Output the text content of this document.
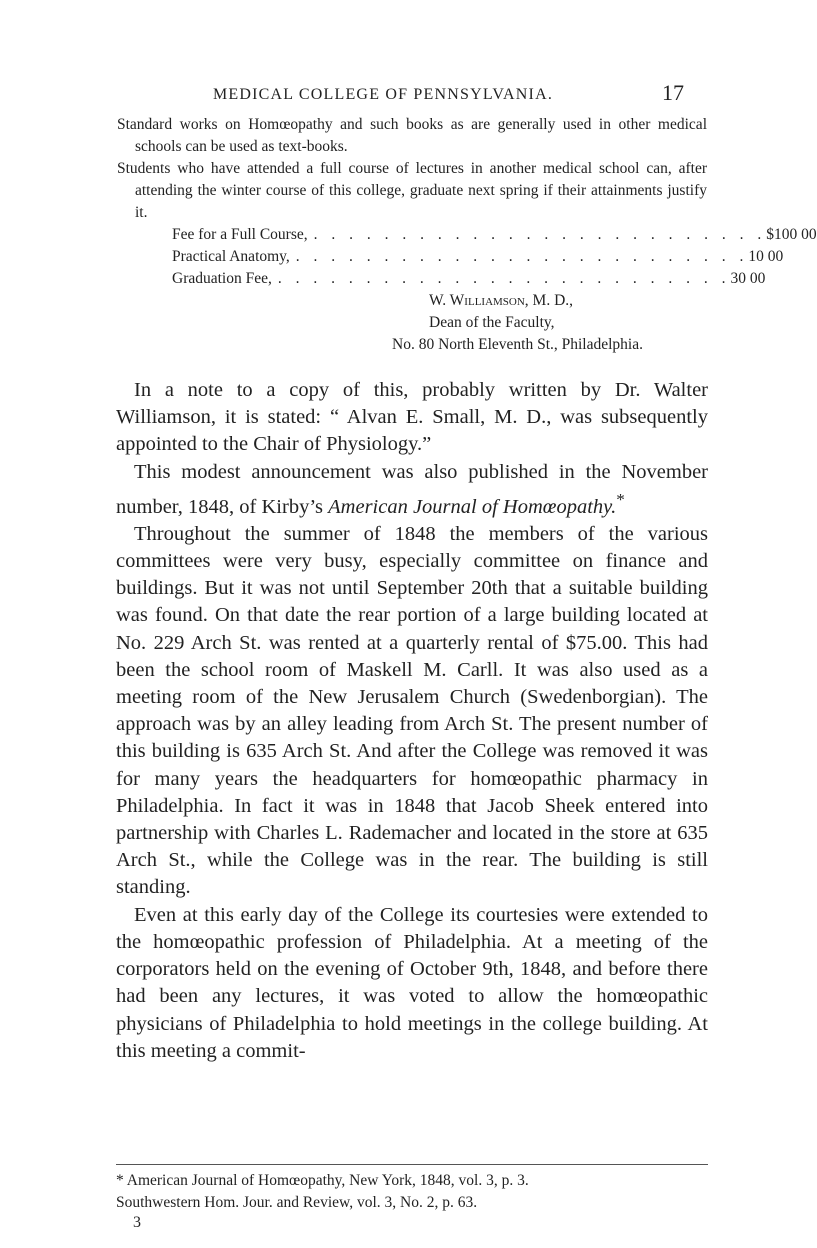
MEDICAL COLLEGE OF PENNSYLVANIA.	17

Standard works on Homœopathy and such books as are generally used in other medical schools can be used as text-books.

Students who have attended a full course of lectures in another medical school can, after attending the winter course of this college, graduate next spring if their attainments justify it.

Fee for a Full Course, . . . . . . . . . . . . . . . . . . . . . . . . . . $100 00
Practical Anatomy, . . . . . . . . . . . . . . . . . . . . . . . . . . 10 00
Graduation Fee, . . . . . . . . . . . . . . . . . . . . . . . . . . 30 00
W. Williamson, M. D.,
Dean of the Faculty,
No. 80 North Eleventh St., Philadelphia.

In a note to a copy of this, probably written by Dr. Walter Williamson, it is stated: “ Alvan E. Small, M. D., was subsequently appointed to the Chair of Physiology.”

This modest announcement was also published in the November number, 1848, of Kirby’s American Journal of Homœopathy.*

Throughout the summer of 1848 the members of the various committees were very busy, especially committee on finance and buildings. But it was not until September 20th that a suitable building was found. On that date the rear portion of a large building located at No. 229 Arch St. was rented at a quarterly rental of $75.00. This had been the school room of Maskell M. Carll. It was also used as a meeting room of the New Jerusalem Church (Swedenborgian). The approach was by an alley leading from Arch St. The present number of this building is 635 Arch St. And after the College was removed it was for many years the headquarters for homœopathic pharmacy in Philadelphia. In fact it was in 1848 that Jacob Sheek entered into partnership with Charles L. Rademacher and located in the store at 635 Arch St., while the College was in the rear. The building is still standing.

Even at this early day of the College its courtesies were extended to the homœopathic profession of Philadelphia. At a meeting of the corporators held on the evening of October 9th, 1848, and before there had been any lectures, it was voted to allow the homœopathic physicians of Philadelphia to hold meetings in the college building. At this meeting a commit-

* American Journal of Homœopathy, New York, 1848, vol. 3, p. 3.

Southwestern Hom. Jour. and Review, vol. 3, No. 2, p. 63.

3
